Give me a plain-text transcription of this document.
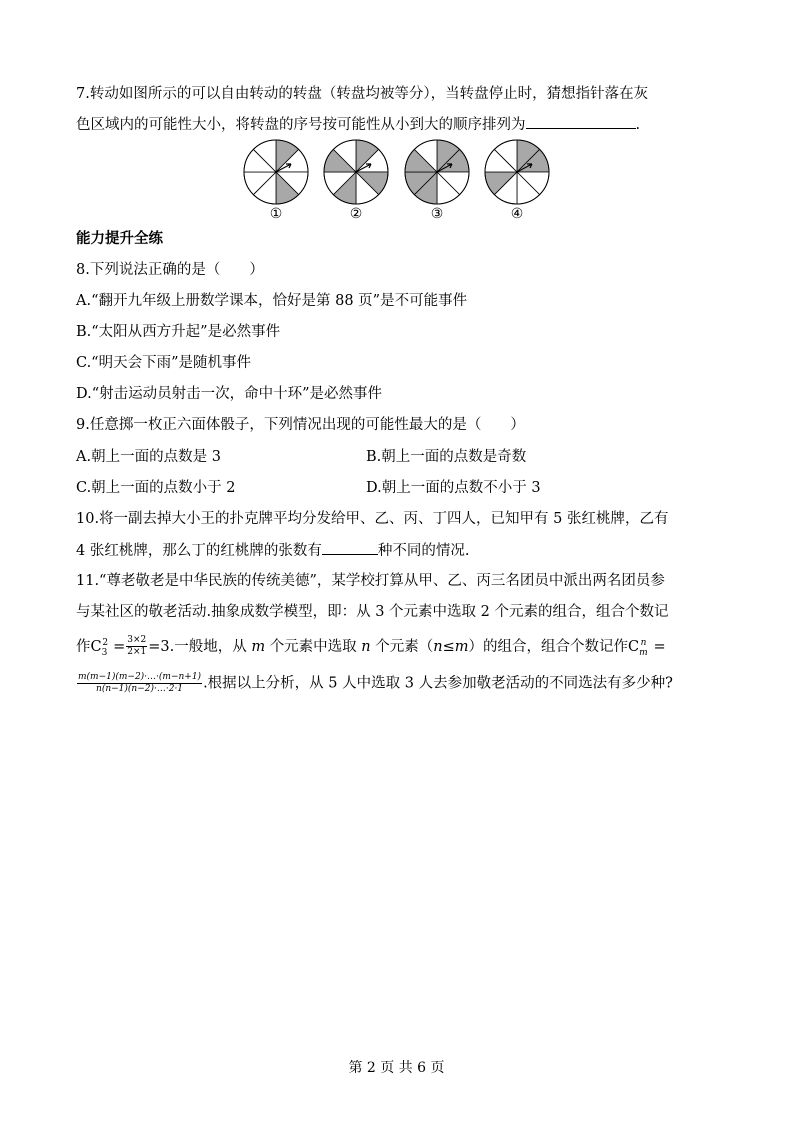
7.转动如图所示的可以自由转动的转盘（转盘均被等分），当转盘停止时，猜想指针落在灰
色区域内的可能性大小，将转盘的序号按可能性从小到大的顺序排列为	.
①	②	③	④
能力提升全练
8.下列说法正确的是（　　）
A.“翻开九年级上册数学课本，恰好是第 88 页”是不可能事件
B.“太阳从西方升起”是必然事件
C.“明天会下雨”是随机事件
D.“射击运动员射击一次，命中十环”是必然事件
9.任意掷一枚正六面体骰子，下列情况出现的可能性最大的是（　　）
A.朝上一面的点数是 3	B.朝上一面的点数是奇数
C.朝上一面的点数小于 2	D.朝上一面的点数不小于 3
10.将一副去掉大小王的扑克牌平均分发给甲、乙、丙、丁四人，已知甲有 5 张红桃牌，乙有
4 张红桃牌，那么丁的红桃牌的张数有	种不同的情况.
11.“尊老敬老是中华民族的传统美德”，某学校打算从甲、乙、丙三名团员中派出两名团员参
与某社区的敬老活动.抽象成数学模型，即：从 3 个元素中选取 2 个元素的组合，组合个数记
作$C_3^2 = \frac{3\times 2}{2\times 1} =3$.一般地，从 m 个元素中选取 n 个元素（n≤m）的组合，组合个数记作$C_m^n$ =
$\frac{m(m-1)(m-2)\cdot\dots\cdot(m-n+1)}{n(n-1)(n-2)\cdot\dots\cdot 2\cdot 1}$ .根据以上分析，从 5 人中选取 3 人去参加敬老活动的不同选法有多少种?
第 2 页 共 6 页
